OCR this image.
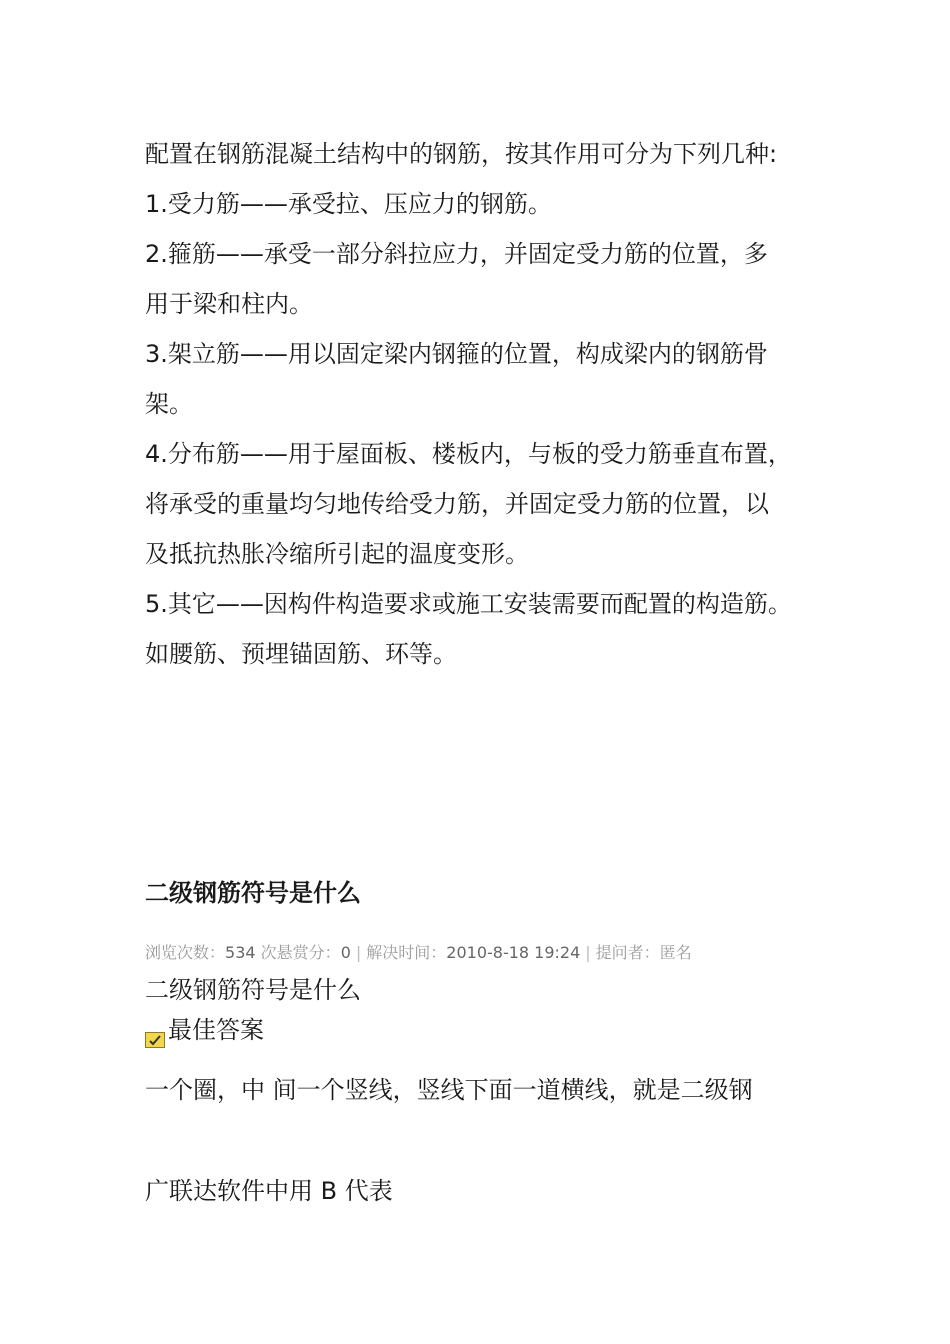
配置在钢筋混凝土结构中的钢筋，按其作用可分为下列几种:

1.受力筋——承受拉、压应力的钢筋。

2.箍筋——承受一部分斜拉应力，并固定受力筋的位置，多

用于梁和柱内。

3.架立筋——用以固定梁内钢箍的位置，构成梁内的钢筋骨

架。

4.分布筋——用于屋面板、楼板内，与板的受力筋垂直布置，

将承受的重量均匀地传给受力筋，并固定受力筋的位置，以

及抵抗热胀冷缩所引起的温度变形。

5.其它——因构件构造要求或施工安装需要而配置的构造筋。

如腰筋、预埋锚固筋、环等。

二级钢筋符号是什么
浏览次数：534 次悬赏分：0 | 解决时间：2010-8-18 19:24 | 提问者：匿名
二级钢筋符号是什么
最佳答案
一个圈，中 间一个竖线，竖线下面一道横线，就是二级钢
广联达软件中用 B 代表
